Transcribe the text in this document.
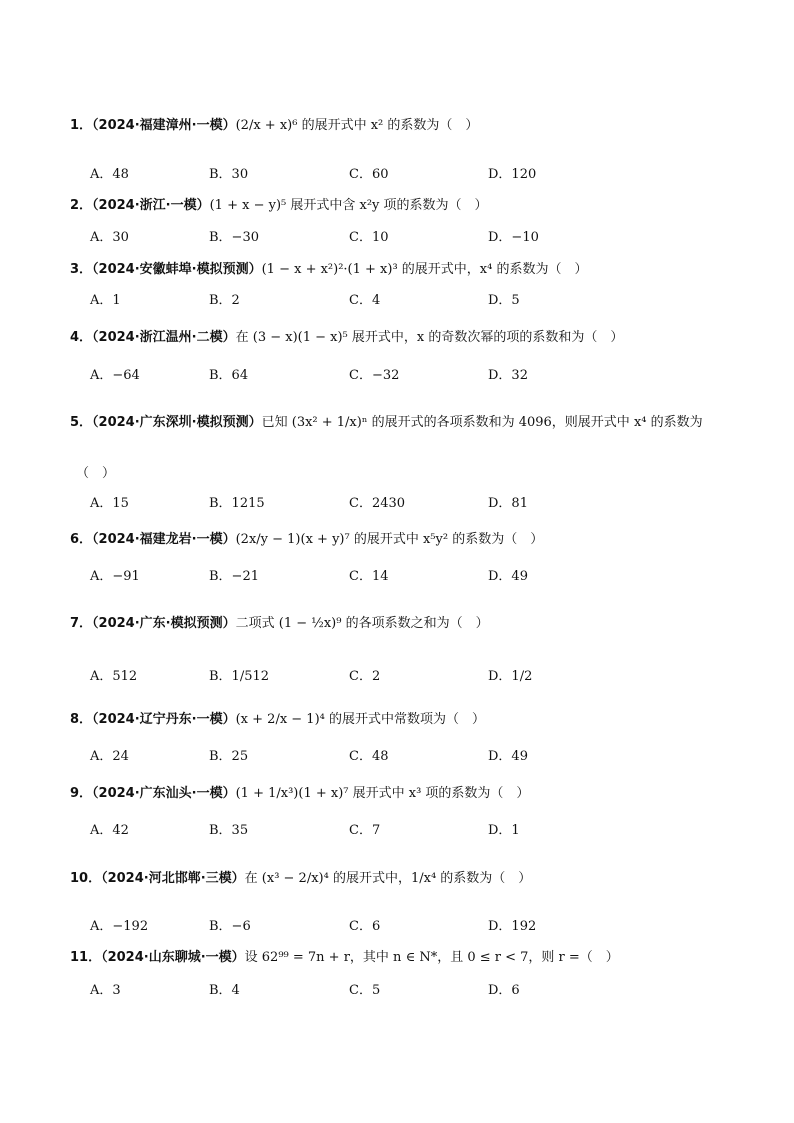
1．（2024·福建漳州·一模）(2/x + x)⁶ 的展开式中 x² 的系数为（　）
A．48	B．30	C．60	D．120
2．（2024·浙江·一模）(1 + x − y)⁵ 展开式中含 x²y 项的系数为（　）
A．30	B．−30	C．10	D．−10
3．（2024·安徽蚌埠·模拟预测）(1 − x + x²)²·(1 + x)³ 的展开式中，x⁴ 的系数为（　）
A．1	B．2	C．4	D．5
4．（2024·浙江温州·二模）在 (3 − x)(1 − x)⁵ 展开式中，x 的奇数次幂的项的系数和为（　）
A．−64	B．64	C．−32	D．32
5．（2024·广东深圳·模拟预测）已知 (3x² + 1/x)ⁿ 的展开式的各项系数和为 4096，则展开式中 x⁴ 的系数为
（　）
A．15	B．1215	C．2430	D．81
6．（2024·福建龙岩·一模）(2x/y − 1)(x + y)⁷ 的展开式中 x⁵y² 的系数为（　）
A．−91	B．−21	C．14	D．49
7．（2024·广东·模拟预测）二项式 (1 − ½x)⁹ 的各项系数之和为（　）
A．512	B．1/512	C．2	D．1/2
8．（2024·辽宁丹东·一模）(x + 2/x − 1)⁴ 的展开式中常数项为（　）
A．24	B．25	C．48	D．49
9．（2024·广东汕头·一模）(1 + 1/x³)(1 + x)⁷ 展开式中 x³ 项的系数为（　）
A．42	B．35	C．7	D．1
10．（2024·河北邯郸·三模）在 (x³ − 2/x)⁴ 的展开式中，1/x⁴ 的系数为（　）
A．−192	B．−6	C．6	D．192
11．（2024·山东聊城·一模）设 62⁹⁹ = 7n + r，其中 n ∈ N*，且 0 ≤ r < 7，则 r =（　）
A．3	B．4	C．5	D．6
